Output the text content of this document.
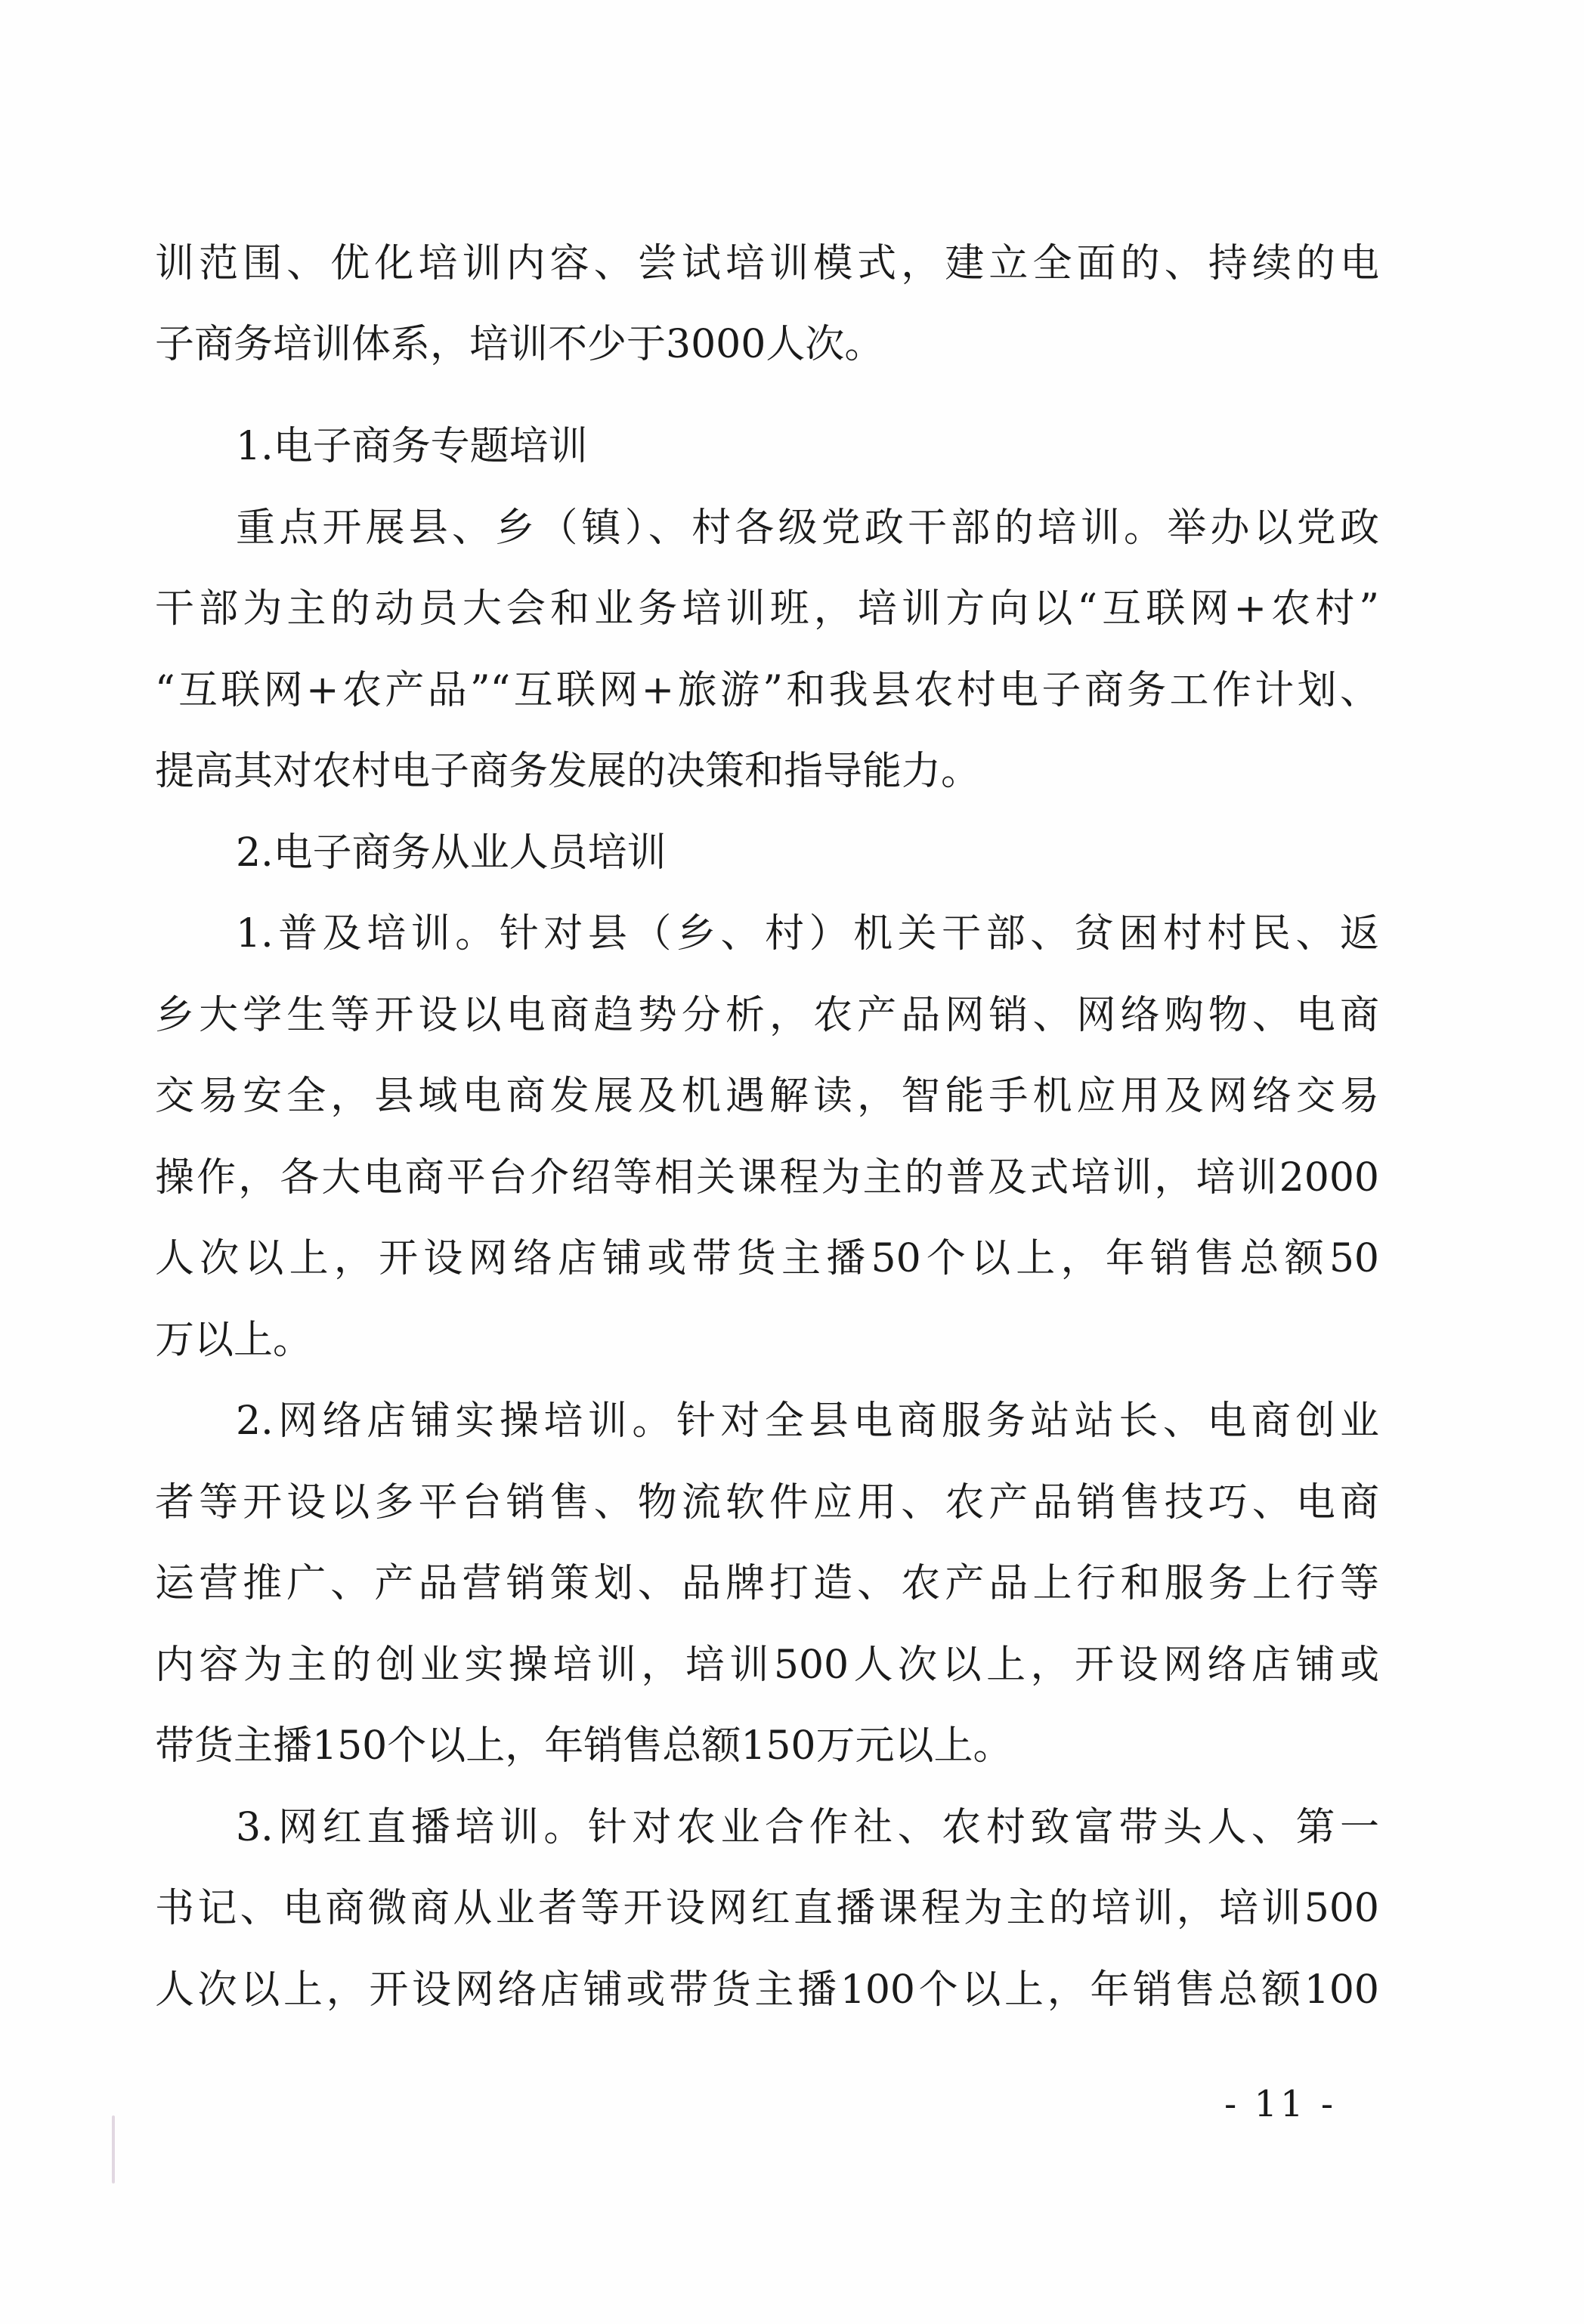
训范围、优化培训内容、尝试培训模式，建立全面的、持续的电
子商务培训体系，培训不少于3000人次。
1.电子商务专题培训
重点开展县、乡（镇）、村各级党政干部的培训。举办以党政
干部为主的动员大会和业务培训班，培训方向以“互联网+农村”
“互联网+农产品”“互联网+旅游”和我县农村电子商务工作计划、
提高其对农村电子商务发展的决策和指导能力。
2.电子商务从业人员培训
1.普及培训。针对县（乡、村）机关干部、贫困村村民、返
乡大学生等开设以电商趋势分析，农产品网销、网络购物、电商
交易安全，县域电商发展及机遇解读，智能手机应用及网络交易
操作，各大电商平台介绍等相关课程为主的普及式培训，培训2000
人次以上，开设网络店铺或带货主播50个以上，年销售总额50
万以上。
2.网络店铺实操培训。针对全县电商服务站站长、电商创业
者等开设以多平台销售、物流软件应用、农产品销售技巧、电商
运营推广、产品营销策划、品牌打造、农产品上行和服务上行等
内容为主的创业实操培训，培训500人次以上，开设网络店铺或
带货主播150个以上，年销售总额150万元以上。
3.网红直播培训。针对农业合作社、农村致富带头人、第一
书记、电商微商从业者等开设网红直播课程为主的培训，培训500
人次以上，开设网络店铺或带货主播100个以上，年销售总额100
- 11 -
